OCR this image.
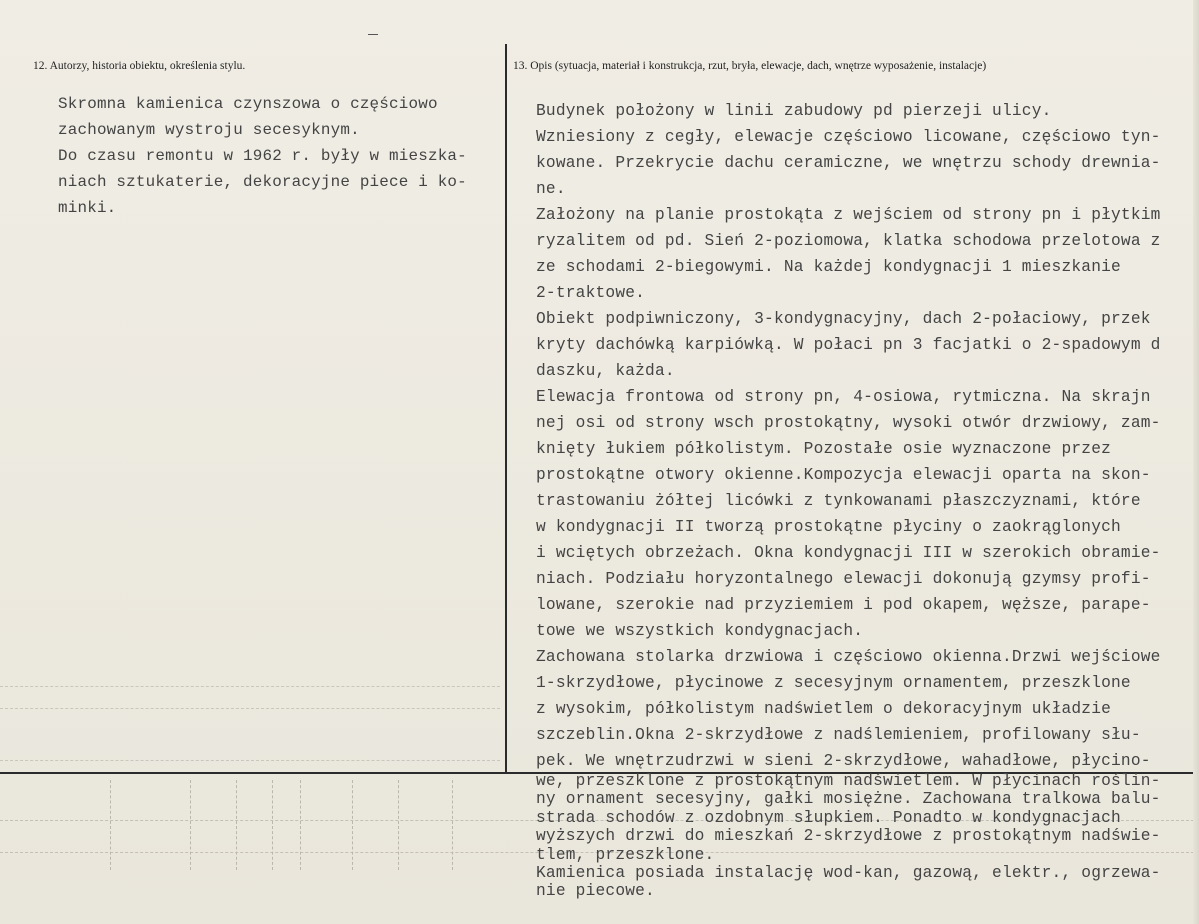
12. Autorzy, historia obiektu, określenia stylu.	13. Opis (sytuacja, materiał i konstrukcja, rzut, bryła, elewacje, dach, wnętrze wyposażenie, instalacje)
Skromna kamienica czynszowa o częściowo
zachowanym wystroju secesyknym.
Do czasu remontu w 1962 r. były w mieszka-
niach sztukaterie, dekoracyjne piece i ko-
minki.
Budynek położony w linii zabudowy pd pierzeji ulicy.
Wzniesiony z cegły, elewacje częściowo licowane, częściowo tyn-
kowane. Przekrycie dachu ceramiczne, we wnętrzu schody drewnia-
ne.
Założony na planie prostokąta z wejściem od strony pn i płytkim
ryzalitem od pd. Sień 2-poziomowa, klatka schodowa przelotowa z
ze schodami 2-biegowymi. Na każdej kondygnacji 1 mieszkanie
2-traktowe.
Obiekt podpiwniczony, 3-kondygnacyjny, dach 2-połaciowy, przek
kryty dachówką karpiówką. W połaci pn 3 facjatki o 2-spadowym d
daszku, każda.
Elewacja frontowa od strony pn, 4-osiowa, rytmiczna. Na skrajn
nej osi od strony wsch prostokątny, wysoki otwór drzwiowy, zam-
knięty łukiem półkolistym. Pozostałe osie wyznaczone przez
prostokątne otwory okienne.Kompozycja elewacji oparta na skon-
trastowaniu żółtej licówki z tynkowanami płaszczyznami, które
w kondygnacji II tworzą prostokątne płyciny o zaokrąglonych
i wciętych obrzeżach. Okna kondygnacji III w szerokich obramie-
niach. Podziału horyzontalnego elewacji dokonują gzymsy profi-
lowane, szerokie nad przyziemiem i pod okapem, węższe, parape-
towe we wszystkich kondygnacjach.
Zachowana stolarka drzwiowa i częściowo okienna.Drzwi wejściowe
1-skrzydłowe, płycinowe z secesyjnym ornamentem, przeszklone
z wysokim, półkolistym nadświetlem o dekoracyjnym układzie
szczeblin.Okna 2-skrzydłowe z nadślemieniem, profilowany słu-
pek. We wnętrzudrzwi w sieni 2-skrzydłowe, wahadłowe, płycino-
we, przeszklone z prostokątnym nadświetlem. W płycinach roślin-
ny ornament secesyjny, gałki mosiężne. Zachowana tralkowa balu-
strada schodów z ozdobnym słupkiem. Ponadto w kondygnacjach
wyższych drzwi do mieszkań 2-skrzydłowe z prostokątnym nadświe-
tlem, przeszklone.
Kamienica posiada instalację wod-kan, gazową, elektr., ogrzewa-
nie piecowe.
